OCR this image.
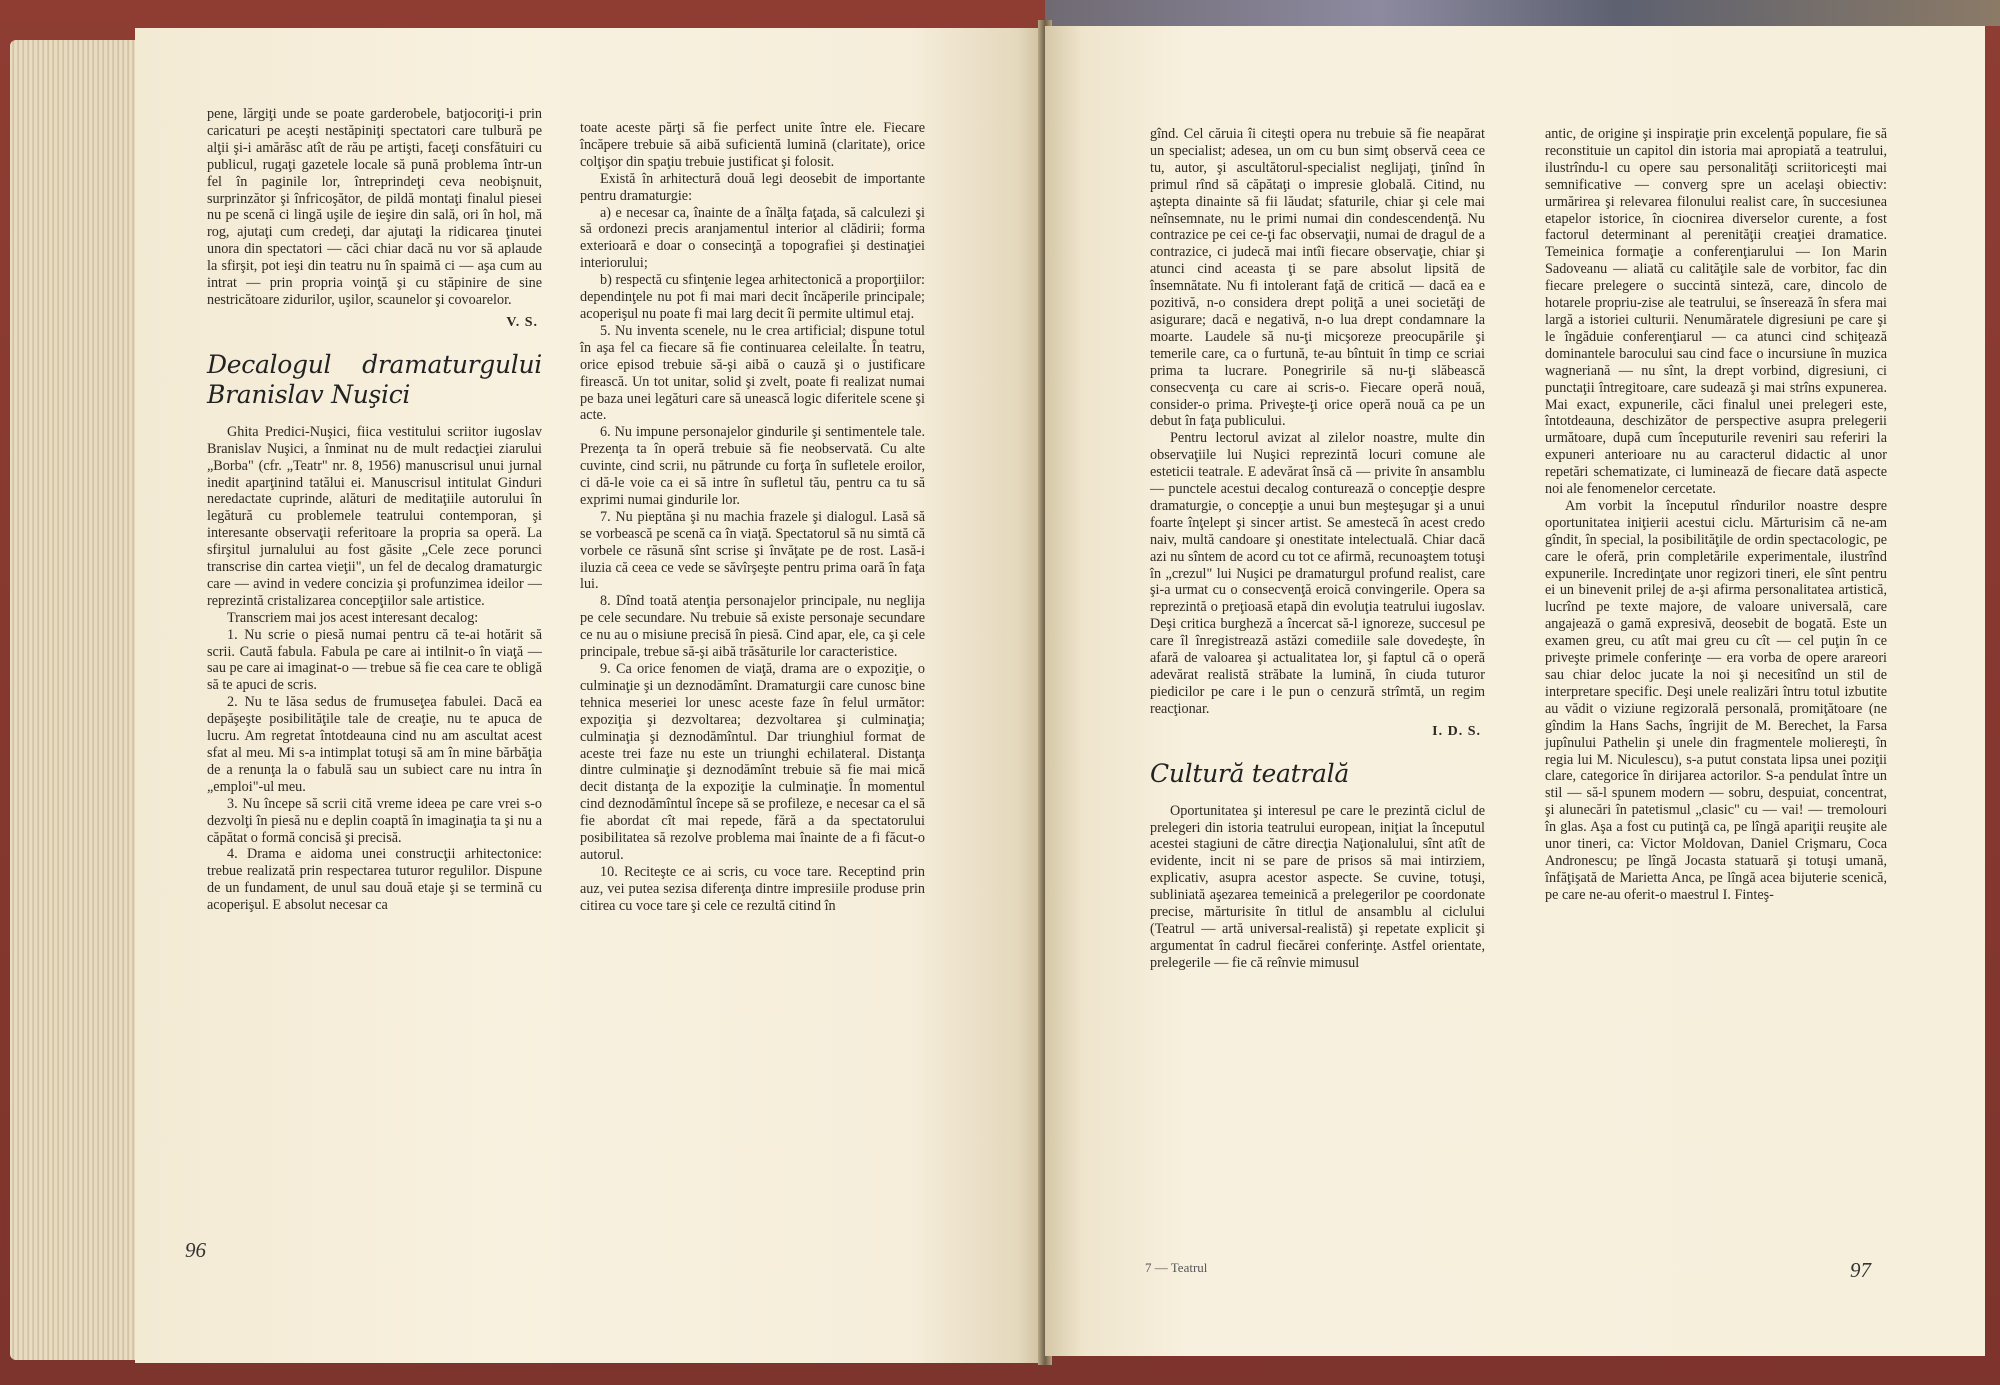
pene, lărgiţi unde se poate garderobele, batjocoriţi-i prin caricaturi pe aceşti nestăpiniţi spectatori care tulbură pe alţii şi-i amărăsc atît de rău pe artişti, faceţi consfătuiri cu publicul, rugaţi gazetele locale să pună problema într-un fel în paginile lor, întreprindeţi ceva neobişnuit, surprinzător şi înfricoşător, de pildă montaţi finalul piesei nu pe scenă ci lingă uşile de ieşire din sală, ori în hol, mă rog, ajutaţi cum credeţi, dar ajutaţi la ridicarea ţinutei unora din spectatori — căci chiar dacă nu vor să aplaude la sfirşit, pot ieşi din teatru nu în spaimă ci — aşa cum au intrat — prin propria voinţă şi cu stăpinire de sine nestricătoare zidurilor, uşilor, scaunelor şi covoarelor.

V. S.
Decalogul dramaturgului Branislav Nuşici

Ghita Predici-Nuşici, fiica vestitului scriitor iugoslav Branislav Nuşici, a înminat nu de mult redacţiei ziarului „Borba" (cfr. „Teatr" nr. 8, 1956) manuscrisul unui jurnal inedit aparţinind tatălui ei. Manuscrisul intitulat Ginduri neredactate cuprinde, alături de meditaţiile autorului în legătură cu problemele teatrului contemporan, şi interesante observaţii referitoare la propria sa operă. La sfirşitul jurnalului au fost găsite „Cele zece porunci transcrise din cartea vieţii", un fel de decalog dramaturgic care — avind in vedere concizia şi profunzimea ideilor — reprezintă cristalizarea concepţiilor sale artistice.

Transcriem mai jos acest interesant decalog:

1. Nu scrie o piesă numai pentru că te-ai hotărit să scrii. Caută fabula. Fabula pe care ai intilnit-o în viaţă — sau pe care ai imaginat-o — trebue să fie cea care te obligă să te apuci de scris.

2. Nu te lăsa sedus de frumuseţea fabulei. Dacă ea depăşeşte posibilităţile tale de creaţie, nu te apuca de lucru. Am regretat întotdeauna cind nu am ascultat acest sfat al meu. Mi s-a intimplat totuşi să am în mine bărbăţia de a renunţa la o fabulă sau un subiect care nu intra în „emploi"-ul meu.

3. Nu începe să scrii cită vreme ideea pe care vrei s-o dezvolţi în piesă nu e deplin coaptă în imaginaţia ta şi nu a căpătat o formă concisă şi precisă.

4. Drama e aidoma unei construcţii arhitectonice: trebue realizată prin respectarea tuturor regulilor. Dispune de un fundament, de unul sau două etaje şi se termină cu acoperişul. E absolut necesar ca

toate aceste părţi să fie perfect unite între ele. Fiecare încăpere trebuie să aibă suficientă lumină (claritate), orice colţişor din spaţiu trebuie justificat şi folosit.

Există în arhitectură două legi deosebit de importante pentru dramaturgie:

a) e necesar ca, înainte de a înălţa faţada, să calculezi şi să ordonezi precis aranjamentul interior al clădirii; forma exterioară e doar o consecinţă a topografiei şi destinaţiei interiorului;

b) respectă cu sfinţenie legea arhitectonică a proporţiilor: dependinţele nu pot fi mai mari decit încăperile principale; acoperişul nu poate fi mai larg decit îi permite ultimul etaj.

5. Nu inventa scenele, nu le crea artificial; dispune totul în aşa fel ca fiecare să fie continuarea celeilalte. În teatru, orice episod trebuie să-şi aibă o cauză şi o justificare firească. Un tot unitar, solid şi zvelt, poate fi realizat numai pe baza unei legături care să unească logic diferitele scene şi acte.

6. Nu impune personajelor gindurile şi sentimentele tale. Prezenţa ta în operă trebuie să fie neobservată. Cu alte cuvinte, cind scrii, nu pătrunde cu forţa în sufletele eroilor, ci dă-le voie ca ei să intre în sufletul tău, pentru ca tu să exprimi numai gindurile lor.

7. Nu pieptăna şi nu machia frazele şi dialogul. Lasă să se vorbească pe scenă ca în viaţă. Spectatorul să nu simtă că vorbele ce răsună sînt scrise şi învăţate pe de rost. Lasă-i iluzia că ceea ce vede se săvîrşeşte pentru prima oară în faţa lui.

8. Dînd toată atenţia personajelor principale, nu neglija pe cele secundare. Nu trebuie să existe personaje secundare ce nu au o misiune precisă în piesă. Cind apar, ele, ca şi cele principale, trebue să-şi aibă trăsăturile lor caracteristice.

9. Ca orice fenomen de viaţă, drama are o expoziţie, o culminaţie şi un deznodămînt. Dramaturgii care cunosc bine tehnica meseriei lor unesc aceste faze în felul următor: expoziţia şi dezvoltarea; dezvoltarea şi culminaţia; culminaţia şi deznodămîntul. Dar triunghiul format de aceste trei faze nu este un triunghi echilateral. Distanţa dintre culminaţie şi deznodămînt trebuie să fie mai mică decit distanţa de la expoziţie la culminaţie. În momentul cind deznodămîntul începe să se profileze, e necesar ca el să fie abordat cît mai repede, fără a da spectatorului posibilitatea să rezolve problema mai înainte de a fi făcut-o autorul.

10. Reciteşte ce ai scris, cu voce tare. Receptind prin auz, vei putea sezisa diferenţa dintre impresiile produse prin citirea cu voce tare şi cele ce rezultă citind în

96

gînd. Cel căruia îi citeşti opera nu trebuie să fie neapărat un specialist; adesea, un om cu bun simţ observă ceea ce tu, autor, şi ascultătorul-specialist neglijaţi, ţinînd în primul rînd să căpătaţi o impresie globală. Citind, nu aştepta dinainte să fii lăudat; sfaturile, chiar şi cele mai neînsemnate, nu le primi numai din condescendenţă. Nu contrazice pe cei ce-ţi fac observaţii, numai de dragul de a contrazice, ci judecă mai intîi fiecare observaţie, chiar şi atunci cind aceasta ţi se pare absolut lipsită de însemnătate. Nu fi intolerant faţă de critică — dacă ea e pozitivă, n-o considera drept poliţă a unei societăţi de asigurare; dacă e negativă, n-o lua drept condamnare la moarte. Laudele să nu-ţi micşoreze preocupările şi temerile care, ca o furtună, te-au bîntuit în timp ce scriai prima ta lucrare. Ponegririle să nu-ţi slăbească consecvenţa cu care ai scris-o. Fiecare operă nouă, consider-o prima. Priveşte-ţi orice operă nouă ca pe un debut în faţa publicului.

Pentru lectorul avizat al zilelor noastre, multe din observaţiile lui Nuşici reprezintă locuri comune ale esteticii teatrale. E adevărat însă că — privite în ansamblu — punctele acestui decalog conturează o concepţie despre dramaturgie, o concepţie a unui bun meşteşugar şi a unui foarte înţelept şi sincer artist. Se amestecă în acest credo naiv, multă candoare şi onestitate intelectuală. Chiar dacă azi nu sîntem de acord cu tot ce afirmă, recunoaştem totuşi în „crezul" lui Nuşici pe dramaturgul profund realist, care şi-a urmat cu o consecvenţă eroică convingerile. Opera sa reprezintă o preţioasă etapă din evoluţia teatrului iugoslav. Deşi critica burgheză a încercat să-l ignoreze, succesul pe care îl înregistrează astăzi comediile sale dovedeşte, în afară de valoarea şi actualitatea lor, şi faptul că o operă adevărat realistă străbate la lumină, în ciuda tuturor piedicilor pe care i le pun o cenzură strîmtă, un regim reacţionar.

I. D. S.
Cultură teatrală

Oportunitatea şi interesul pe care le prezintă ciclul de prelegeri din istoria teatrului european, iniţiat la începutul acestei stagiuni de către direcţia Naţionalului, sînt atît de evidente, incit ni se pare de prisos să mai intirziem, explicativ, asupra acestor aspecte. Se cuvine, totuşi, subliniată aşezarea temeinică a prelegerilor pe coordonate precise, mărturisite în titlul de ansamblu al ciclului (Teatrul — artă universal-realistă) şi repetate explicit şi argumentat în cadrul fiecărei conferinţe. Astfel orientate, prelegerile — fie că reînvie mimusul

antic, de origine şi inspiraţie prin excelenţă populare, fie să reconstituie un capitol din istoria mai apropiată a teatrului, ilustrîndu-l cu opere sau personalităţi scriitoriceşti mai semnificative — converg spre un acelaşi obiectiv: urmărirea şi relevarea filonului realist care, în succesiunea etapelor istorice, în ciocnirea diverselor curente, a fost factorul determinant al perenităţii creaţiei dramatice. Temeinica formaţie a conferenţiarului — Ion Marin Sadoveanu — aliată cu calităţile sale de vorbitor, fac din fiecare prelegere o succintă sinteză, care, dincolo de hotarele propriu-zise ale teatrului, se înserează în sfera mai largă a istoriei culturii. Nenumăratele digresiuni pe care şi le îngăduie conferenţiarul — ca atunci cind schiţează dominantele barocului sau cind face o incursiune în muzica wagneriană — nu sînt, la drept vorbind, digresiuni, ci punctaţii întregitoare, care sudează şi mai strîns expunerea. Mai exact, expunerile, căci finalul unei prelegeri este, întotdeauna, deschizător de perspective asupra prelegerii următoare, după cum începuturile reveniri sau referiri la expuneri anterioare nu au caracterul didactic al unor repetări schematizate, ci luminează de fiecare dată aspecte noi ale fenomenelor cercetate.

Am vorbit la începutul rîndurilor noastre despre oportunitatea iniţierii acestui ciclu. Mărturisim că ne-am gîndit, în special, la posibilităţile de ordin spectacologic, pe care le oferă, prin completările experimentale, ilustrînd expunerile. Incredinţate unor regizori tineri, ele sînt pentru ei un binevenit prilej de a-şi afirma personalitatea artistică, lucrînd pe texte majore, de valoare universală, care angajează o gamă expresivă, deosebit de bogată. Este un examen greu, cu atît mai greu cu cît — cel puţin în ce priveşte primele conferinţe — era vorba de opere arareori sau chiar deloc jucate la noi şi necesitînd un stil de interpretare specific. Deşi unele realizări întru totul izbutite au vădit o viziune regizorală personală, promiţătoare (ne gîndim la Hans Sachs, îngrijit de M. Berechet, la Farsa jupînului Pathelin şi unele din fragmentele moliereşti, în regia lui M. Niculescu), s-a putut constata lipsa unei poziţii clare, categorice în dirijarea actorilor. S-a pendulat între un stil — să-l spunem modern — sobru, despuiat, concentrat, şi alunecări în patetismul „clasic" cu — vai! — tremolouri în glas. Aşa a fost cu putinţă ca, pe lîngă apariţii reuşite ale unor tineri, ca: Victor Moldovan, Daniel Crişmaru, Coca Andronescu; pe lîngă Jocasta statuară şi totuşi umană, înfăţişată de Marietta Anca, pe lîngă acea bijuterie scenică, pe care ne-au oferit-o maestrul I. Finteş-

7 — Teatrul	97
